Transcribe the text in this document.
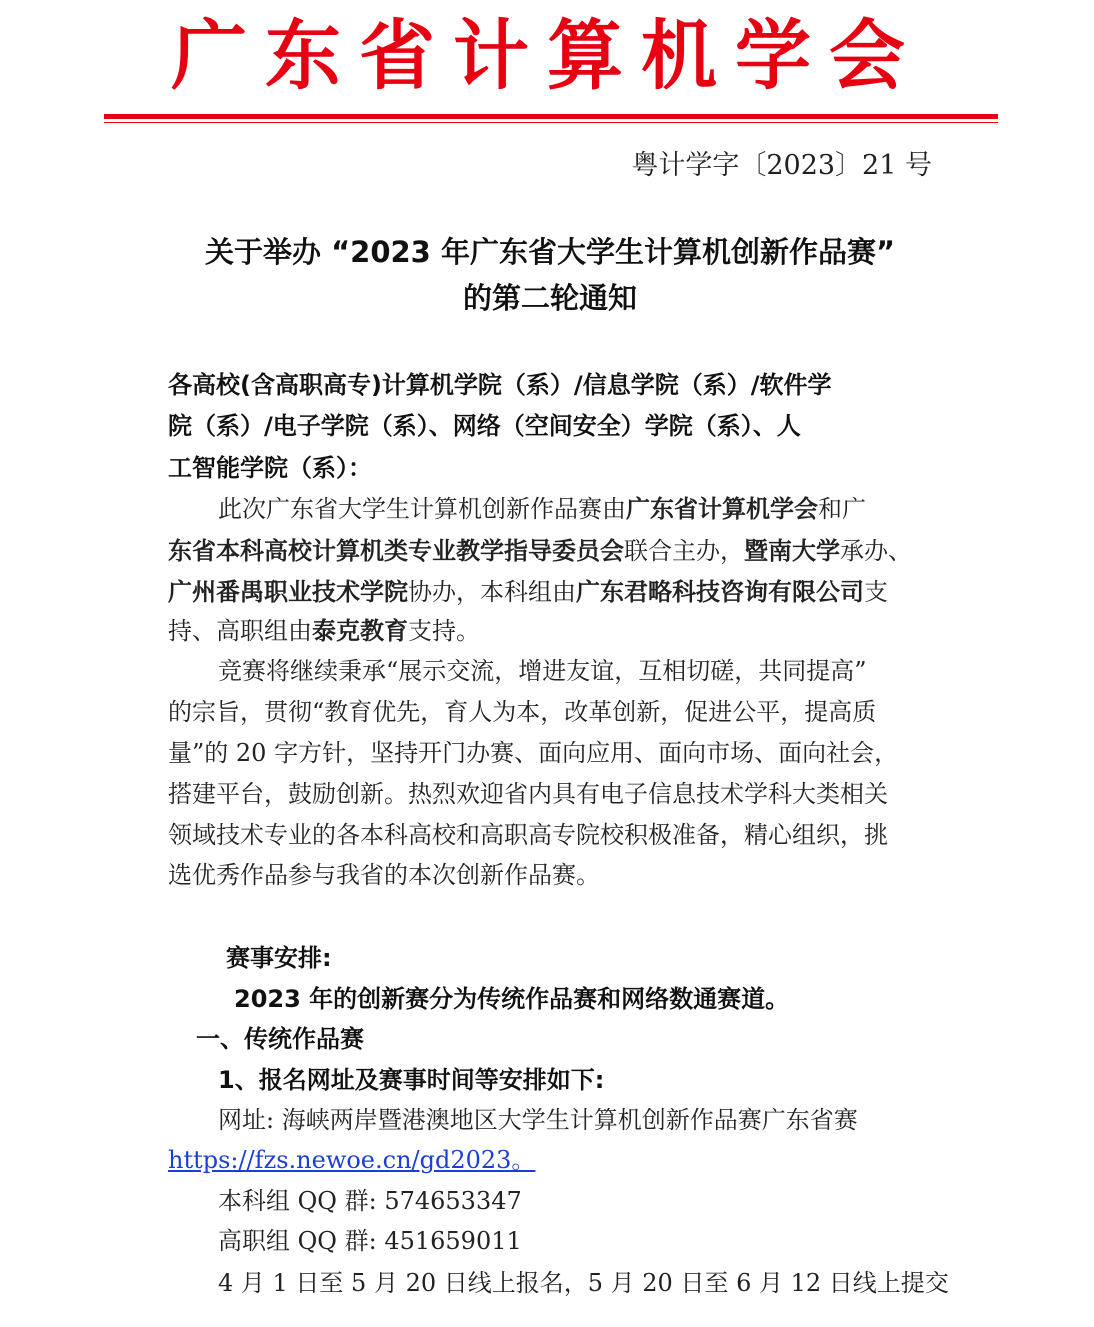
广东省计算机学会
粤计学字〔2023〕21 号
关于举办 “2023 年广东省大学生计算机创新作品赛”
的第二轮通知
各高校(含高职高专)计算机学院（系）/信息学院（系）/软件学
院（系）/电子学院（系）、网络（空间安全）学院（系）、人
工智能学院（系）：
此次广东省大学生计算机创新作品赛由广东省计算机学会和广
东省本科高校计算机类专业教学指导委员会联合主办，暨南大学承办、
广州番禺职业技术学院协办，本科组由广东君略科技咨询有限公司支
持、高职组由泰克教育支持。
竞赛将继续秉承“展示交流，增进友谊，互相切磋，共同提高”
的宗旨，贯彻“教育优先，育人为本，改革创新，促进公平，提高质
量”的 20 字方针，坚持开门办赛、面向应用、面向市场、面向社会，
搭建平台，鼓励创新。热烈欢迎省内具有电子信息技术学科大类相关
领域技术专业的各本科高校和高职高专院校积极准备，精心组织，挑
选优秀作品参与我省的本次创新作品赛。
赛事安排:
2023 年的创新赛分为传统作品赛和网络数通赛道。
一、传统作品赛
1、报名网址及赛事时间等安排如下:
网址: 海峡两岸暨港澳地区大学生计算机创新作品赛广东省赛
https://fzs.newoe.cn/gd2023。
本科组 QQ 群: 574653347
高职组 QQ 群: 451659011
4 月 1 日至 5 月 20 日线上报名，5 月 20 日至 6 月 12 日线上提交
